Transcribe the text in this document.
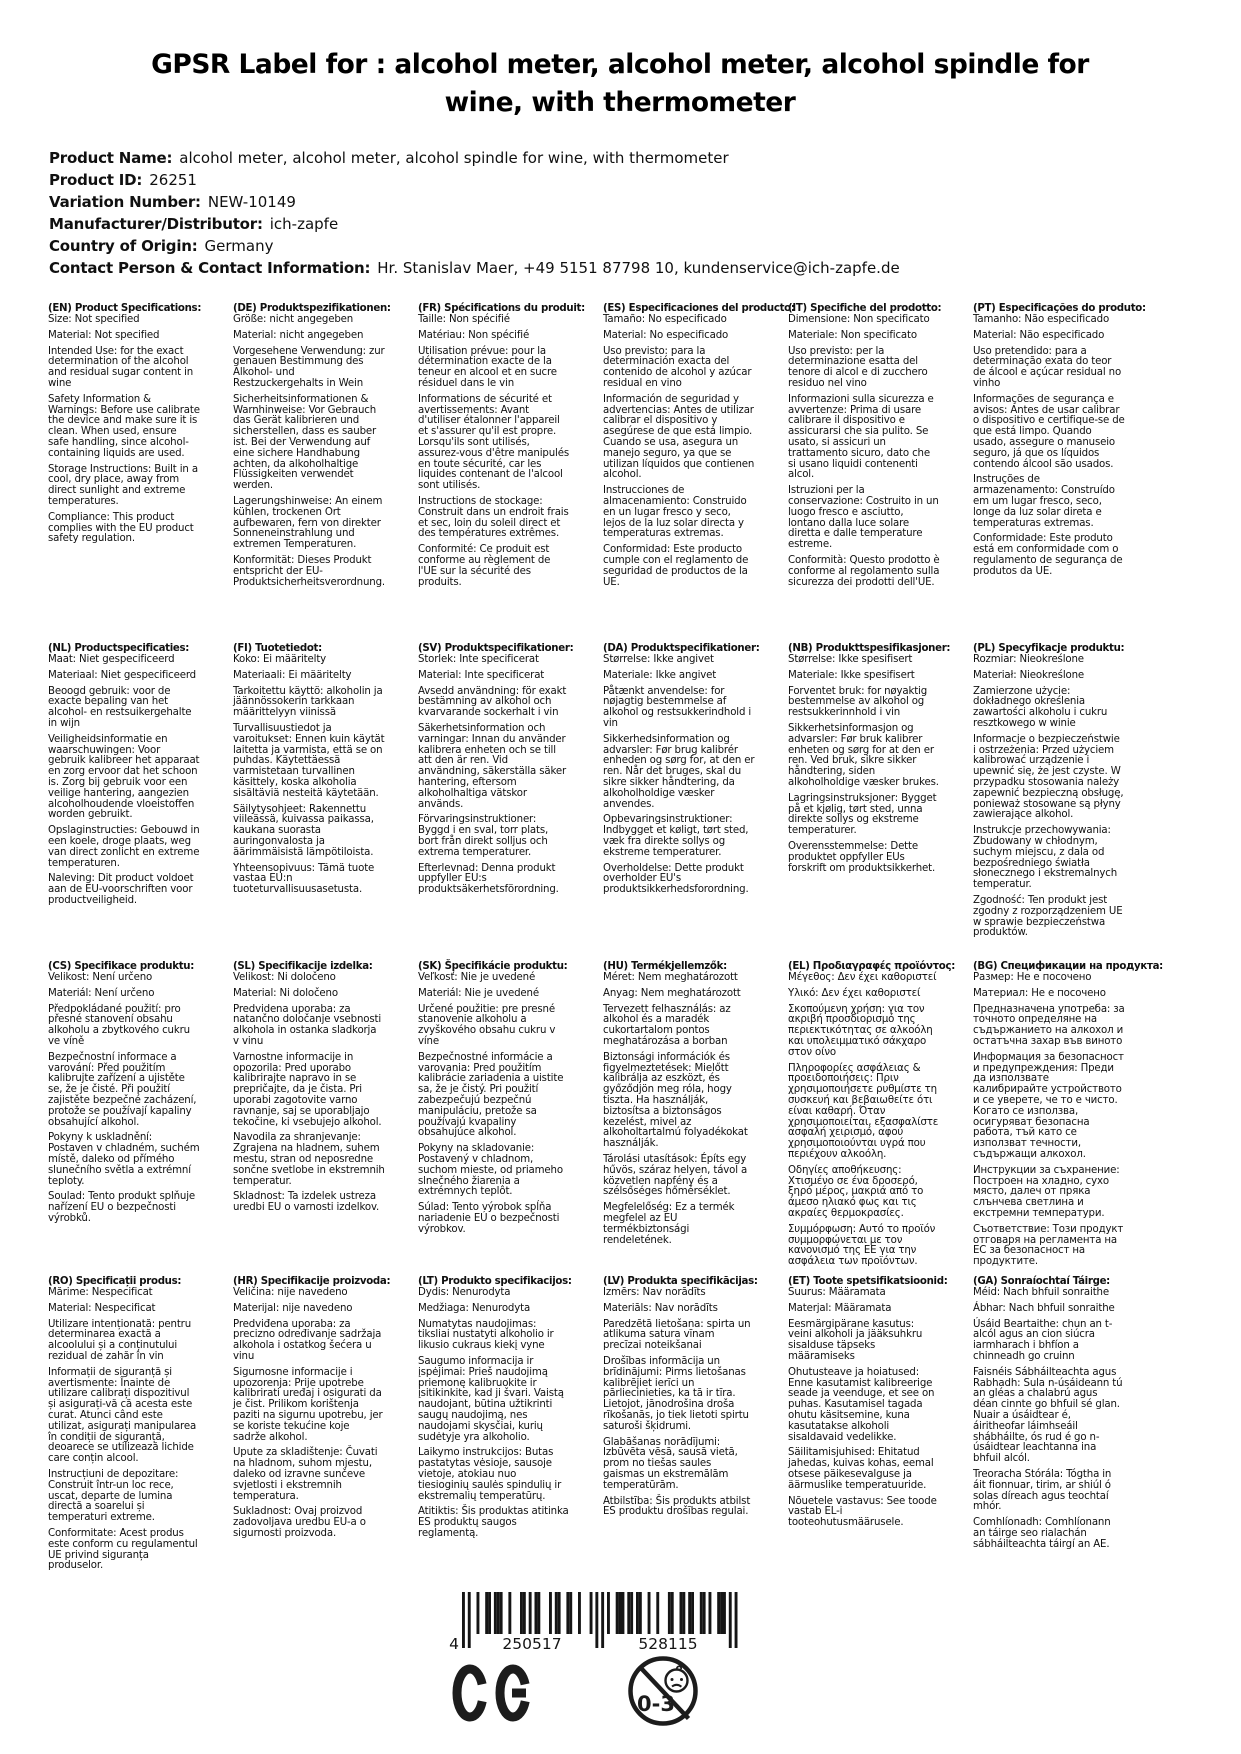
GPSR Label for : alcohol meter, alcohol meter, alcohol spindle for wine, with thermometer
Product Name: alcohol meter, alcohol meter, alcohol spindle for wine, with thermometer
Product ID: 26251
Variation Number: NEW-10149
Manufacturer/Distributor: ich-zapfe
Country of Origin: Germany
Contact Person & Contact Information: Hr. Stanislav Maer, +49 5151 87798 10, kundenservice@ich-zapfe.de
(EN) Product Specifications:

Size: Not specified

Material: Not specified

Intended Use: for the exact determination of the alcohol and residual sugar content in wine

Safety Information & Warnings: Before use calibrate the device and make sure it is clean. When used, ensure safe handling, since alcohol-containing liquids are used.

Storage Instructions: Built in a cool, dry place, away from direct sunlight and extreme temperatures.

Compliance: This product complies with the EU product safety regulation.

(DE) Produktspezifikationen:

Größe: nicht angegeben

Material: nicht angegeben

Vorgesehene Verwendung: zur genauen Bestimmung des Alkohol- und Restzuckergehalts in Wein

Sicherheitsinformationen & Warnhinweise: Vor Gebrauch das Gerät kalibrieren und sicherstellen, dass es sauber ist. Bei der Verwendung auf eine sichere Handhabung achten, da alkoholhaltige Flüssigkeiten verwendet werden.

Lagerungshinweise: An einem kühlen, trockenen Ort aufbewaren, fern von direkter Sonneneinstrahlung und extremen Temperaturen.

Konformität: Dieses Produkt entspricht der EU-Produktsicherheitsverordnung.

(FR) Spécifications du produit:

Taille: Non spécifié

Matériau: Non spécifié

Utilisation prévue: pour la détermination exacte de la teneur en alcool et en sucre résiduel dans le vin

Informations de sécurité et avertissements: Avant d'utiliser étalonner l'appareil et s'assurer qu'il est propre. Lorsqu'ils sont utilisés, assurez-vous d'être manipulés en toute sécurité, car les liquides contenant de l'alcool sont utilisés.

Instructions de stockage: Construit dans un endroit frais et sec, loin du soleil direct et des températures extrêmes.

Conformité: Ce produit est conforme au règlement de l'UE sur la sécurité des produits.

(ES) Especificaciones del producto:

Tamaño: No especificado

Material: No especificado

Uso previsto: para la determinación exacta del contenido de alcohol y azúcar residual en vino

Información de seguridad y advertencias: Antes de utilizar calibrar el dispositivo y asegúrese de que está limpio. Cuando se usa, asegura un manejo seguro, ya que se utilizan líquidos que contienen alcohol.

Instrucciones de almacenamiento: Construido en un lugar fresco y seco, lejos de la luz solar directa y temperaturas extremas.

Conformidad: Este producto cumple con el reglamento de seguridad de productos de la UE.

(IT) Specifiche del prodotto:

Dimensione: Non specificato

Materiale: Non specificato

Uso previsto: per la determinazione esatta del tenore di alcol e di zucchero residuo nel vino

Informazioni sulla sicurezza e avvertenze: Prima di usare calibrare il dispositivo e assicurarsi che sia pulito. Se usato, si assicuri un trattamento sicuro, dato che si usano liquidi contenenti alcol.

Istruzioni per la conservazione: Costruito in un luogo fresco e asciutto, lontano dalla luce solare diretta e dalle temperature estreme.

Conformità: Questo prodotto è conforme al regolamento sulla sicurezza dei prodotti dell'UE.

(PT) Especificações do produto:

Tamanho: Não especificado

Material: Não especificado

Uso pretendido: para a determinação exata do teor de álcool e açúcar residual no vinho

Informações de segurança e avisos: Antes de usar calibrar o dispositivo e certifique-se de que está limpo. Quando usado, assegure o manuseio seguro, já que os líquidos contendo álcool são usados.

Instruções de armazenamento: Construído em um lugar fresco, seco, longe da luz solar direta e temperaturas extremas.

Conformidade: Este produto está em conformidade com o regulamento de segurança de produtos da UE.

(NL) Productspecificaties:

Maat: Niet gespecificeerd

Materiaal: Niet gespecificeerd

Beoogd gebruik: voor de exacte bepaling van het alcohol- en restsuikergehalte in wijn

Veiligheidsinformatie en waarschuwingen: Voor gebruik kalibreer het apparaat en zorg ervoor dat het schoon is. Zorg bij gebruik voor een veilige hantering, aangezien alcoholhoudende vloeistoffen worden gebruikt.

Opslaginstructies: Gebouwd in een koele, droge plaats, weg van direct zonlicht en extreme temperaturen.

Naleving: Dit product voldoet aan de EU-voorschriften voor productveiligheid.

(FI) Tuotetiedot:

Koko: Ei määritelty

Materiaali: Ei määritelty

Tarkoitettu käyttö: alkoholin ja jäännössokerin tarkkaan määrittelyyn viinissä

Turvallisuustiedot ja varoitukset: Ennen kuin käytät laitetta ja varmista, että se on puhdas. Käytettäessä varmistetaan turvallinen käsittely, koska alkoholia sisältäviä nesteitä käytetään.

Säilytysohjeet: Rakennettu viileässä, kuivassa paikassa, kaukana suorasta auringonvalosta ja äärimmäisistä lämpötiloista.

Yhteensopivuus: Tämä tuote vastaa EU:n tuoteturvallisuusasetusta.

(SV) Produktspecifikationer:

Storlek: Inte specificerat

Material: Inte specificerat

Avsedd användning: för exakt bestämning av alkohol och kvarvarande sockerhalt i vin

Säkerhetsinformation och varningar: Innan du använder kalibrera enheten och se till att den är ren. Vid användning, säkerställa säker hantering, eftersom alkoholhaltiga vätskor används.

Förvaringsinstruktioner: Byggd i en sval, torr plats, bort från direkt solljus och extrema temperaturer.

Efterlevnad: Denna produkt uppfyller EU:s produktsäkerhetsförordning.

(DA) Produktspecifikationer:

Størrelse: Ikke angivet

Materiale: Ikke angivet

Påtænkt anvendelse: for nøjagtig bestemmelse af alkohol og restsukkerindhold i vin

Sikkerhedsinformation og advarsler: Før brug kalibrér enheden og sørg for, at den er ren. Når det bruges, skal du sikre sikker håndtering, da alkoholholdige væsker anvendes.

Opbevaringsinstruktioner: Indbygget et køligt, tørt sted, væk fra direkte sollys og ekstreme temperaturer.

Overholdelse: Dette produkt overholder EU's produktsikkerhedsforordning.

(NB) Produkttspesifikasjoner:

Størrelse: Ikke spesifisert

Materiale: Ikke spesifisert

Forventet bruk: for nøyaktig bestemmelse av alkohol og restsukkerinnhold i vin

Sikkerhetsinformasjon og advarsler: Før bruk kalibrer enheten og sørg for at den er ren. Ved bruk, sikre sikker håndtering, siden alkoholholdige væsker brukes.

Lagringsinstruksjoner: Bygget på et kjølig, tørt sted, unna direkte sollys og ekstreme temperaturer.

Overensstemmelse: Dette produktet oppfyller EUs forskrift om produktsikkerhet.

(PL) Specyfikacje produktu:

Rozmiar: Nieokreślone

Materiał: Nieokreślone

Zamierzone użycie: dokładnego określenia zawartości alkoholu i cukru resztkowego w winie

Informacje o bezpieczeństwie i ostrzeżenia: Przed użyciem kalibrować urządzenie i upewnić się, że jest czyste. W przypadku stosowania należy zapewnić bezpieczną obsługę, ponieważ stosowane są płyny zawierające alkohol.

Instrukcje przechowywania: Zbudowany w chłodnym, suchym miejscu, z dala od bezpośredniego światła słonecznego i ekstremalnych temperatur.

Zgodność: Ten produkt jest zgodny z rozporządzeniem UE w sprawie bezpieczeństwa produktów.

(CS) Specifikace produktu:

Velikost: Není určeno

Materiál: Není určeno

Předpokládané použití: pro přesné stanovení obsahu alkoholu a zbytkového cukru ve víně

Bezpečnostní informace a varování: Před použitím kalibrujte zařízení a ujistěte se, že je čisté. Při použití zajistěte bezpečné zacházení, protože se používají kapaliny obsahující alkohol.

Pokyny k uskladnění: Postaven v chladném, suchém místě, daleko od přímého slunečního světla a extrémní teploty.

Soulad: Tento produkt splňuje nařízení EU o bezpečnosti výrobků.

(SL) Specifikacije izdelka:

Velikost: Ni določeno

Material: Ni določeno

Predvidena uporaba: za natančno določanje vsebnosti alkohola in ostanka sladkorja v vinu

Varnostne informacije in opozorila: Pred uporabo kalibrirajte napravo in se prepričajte, da je čista. Pri uporabi zagotovite varno ravnanje, saj se uporabljajo tekočine, ki vsebujejo alkohol.

Navodila za shranjevanje: Zgrajena na hladnem, suhem mestu, stran od neposredne sončne svetlobe in ekstremnih temperatur.

Skladnost: Ta izdelek ustreza uredbi EU o varnosti izdelkov.

(SK) Špecifikácie produktu:

Veľkosť: Nie je uvedené

Materiál: Nie je uvedené

Určené použitie: pre presné stanovenie alkoholu a zvyškového obsahu cukru v víne

Bezpečnostné informácie a varovania: Pred použitím kalibrácie zariadenia a uistite sa, že je čistý. Pri použití zabezpečujú bezpečnú manipuláciu, pretože sa používajú kvapaliny obsahujúce alkohol.

Pokyny na skladovanie: Postavený v chladnom, suchom mieste, od priameho slnečného žiarenia a extrémnych teplôt.

Súlad: Tento výrobok spĺňa nariadenie EÚ o bezpečnosti výrobkov.

(HU) Termékjellemzők:

Méret: Nem meghatározott

Anyag: Nem meghatározott

Tervezett felhasználás: az alkohol és a maradék cukortartalom pontos meghatározása a borban

Biztonsági információk és figyelmeztetések: Mielőtt kalibrálja az eszközt, és győződjön meg róla, hogy tiszta. Ha használják, biztosítsa a biztonságos kezelést, mivel az alkoholtartalmú folyadékokat használják.

Tárolási utasítások: Építs egy hűvös, száraz helyen, távol a közvetlen napfény és a szélsőséges hőmérséklet.

Megfelelőség: Ez a termék megfelel az EU termékbiztonsági rendeletének.

(EL) Προδιαγραφές προϊόντος:

Μέγεθος: Δεν έχει καθοριστεί

Υλικό: Δεν έχει καθοριστεί

Σκοπούμενη χρήση: για τον ακριβή προσδιορισμό της περιεκτικότητας σε αλκοόλη και υπολειμματικό σάκχαρο στον οίνο

Πληροφορίες ασφάλειας & προειδοποιήσεις: Πριν χρησιμοποιήσετε ρυθμίστε τη συσκευή και βεβαιωθείτε ότι είναι καθαρή. Όταν χρησιμοποιείται, εξασφαλίστε ασφαλή χειρισμό, αφού χρησιμοποιούνται υγρά που περιέχουν αλκοόλη.

Οδηγίες αποθήκευσης: Χτισμένο σε ένα δροσερό, ξηρό μέρος, μακριά από το άμεσο ηλιακό φως και τις ακραίες θερμοκρασίες.

Συμμόρφωση: Αυτό το προϊόν συμμορφώνεται με τον κανονισμό της ΕΕ για την ασφάλεια των προϊόντων.

(BG) Спецификации на продукта:

Размер: Не е посочено

Материал: Не е посочено

Предназначена употреба: за точното определяне на съдържанието на алкохол и остатъчна захар във виното

Информация за безопасност и предупреждения: Преди да използвате калибрирайте устройството и се уверете, че то е чисто. Когато се използва, осигуряват безопасна работа, тъй като се използват течности, съдържащи алкохол.

Инструкции за съхранение: Построен на хладно, сухо място, далеч от пряка слънчева светлина и екстремни температури.

Съответствие: Този продукт отговаря на регламента на ЕС за безопасност на продуктите.

(RO) Specificații produs:

Mărime: Nespecificat

Material: Nespecificat

Utilizare intenționată: pentru determinarea exactă a alcoolului și a conținutului rezidual de zahăr în vin

Informații de siguranță și avertismente: Înainte de utilizare calibrați dispozitivul și asigurați-vă că acesta este curat. Atunci când este utilizat, asigurați manipularea în condiții de siguranță, deoarece se utilizează lichide care conțin alcool.

Instrucțiuni de depozitare: Construit într-un loc rece, uscat, departe de lumina directă a soarelui și temperaturi extreme.

Conformitate: Acest produs este conform cu regulamentul UE privind siguranța produselor.

(HR) Specifikacije proizvoda:

Veličina: nije navedeno

Materijal: nije navedeno

Predviđena uporaba: za precizno određivanje sadržaja alkohola i ostatkog šećera u vinu

Sigurnosne informacije i upozorenja: Prije upotrebe kalibrirati uređaj i osigurati da je čist. Prilikom korištenja paziti na sigurnu upotrebu, jer se koriste tekućine koje sadrže alkohol.

Upute za skladištenje: Čuvati na hladnom, suhom mjestu, daleko od izravne sunčeve svjetlosti i ekstremnih temperatura.

Sukladnost: Ovaj proizvod zadovoljava uredbu EU-a o sigurnosti proizvoda.

(LT) Produkto specifikacijos:

Dydis: Nenurodyta

Medžiaga: Nenurodyta

Numatytas naudojimas: tiksliai nustatyti alkoholio ir likusio cukraus kiekį vyne

Saugumo informacija ir įspėjimai: Prieš naudojimą priemonę kalibruokite ir įsitikinkite, kad ji švari. Vaistą naudojant, būtina užtikrinti saugų naudojimą, nes naudojami skysčiai, kurių sudėtyje yra alkoholio.

Laikymo instrukcijos: Butas pastatytas vėsioje, sausoje vietoje, atokiau nuo tiesioginių saulės spindulių ir ekstremalių temperatūrų.

Atitiktis: Šis produktas atitinka ES produktų saugos reglamentą.

(LV) Produkta specifikācijas:

Izmērs: Nav norādīts

Materiāls: Nav norādīts

Paredzētā lietošana: spirta un atlikuma satura vīnam precīzai noteikšanai

Drošības informācija un brīdinājumi: Pirms lietošanas kalibrējiet ierīci un pārliecinieties, ka tā ir tīra. Lietojot, jānodrošina droša rīkošanās, jo tiek lietoti spirtu saturoši šķidrumi.

Glabāšanas norādījumi: Izbūvēta vēsā, sausā vietā, prom no tiešas saules gaismas un ekstremālām temperatūrām.

Atbilstība: Šis produkts atbilst ES produktu drošības regulai.

(ET) Toote spetsifikatsioonid:

Suurus: Määramata

Materjal: Määramata

Eesmärgipärane kasutus: veini alkoholi ja jääksuhkru sisalduse täpseks määramiseks

Ohutusteave ja hoiatused: Enne kasutamist kalibreerige seade ja veenduge, et see on puhas. Kasutamisel tagada ohutu käsitsemine, kuna kasutatakse alkoholi sisaldavaid vedelikke.

Säilitamisjuhised: Ehitatud jahedas, kuivas kohas, eemal otsese päikesevalguse ja äärmuslike temperatuuride.

Nõuetele vastavus: See toode vastab EL-i tooteohutusmäärusele.

(GA) Sonraíochtaí Táirge:

Méid: Nach bhfuil sonraithe

Ábhar: Nach bhfuil sonraithe

Úsáid Beartaithe: chun an t-alcól agus an cion siúcra iarmharach i bhfíon a chinneadh go cruinn

Faisnéis Sábháilteachta agus Rabhadh: Sula n-úsáideann tú an gléas a chalabrú agus déan cinnte go bhfuil sé glan. Nuair a úsáidtear é, áiritheofar láimhseáil shábháilte, ós rud é go n-úsáidtear leachtanna ina bhfuil alcól.

Treoracha Stórála: Tógtha in áit fionnuar, tirim, ar shiúl ó solas díreach agus teochtaí mhór.

Comhlíonadh: Comhlíonann an táirge seo rialachán sábháilteachta táirgí an AE.

4	250517	528115
0-3
